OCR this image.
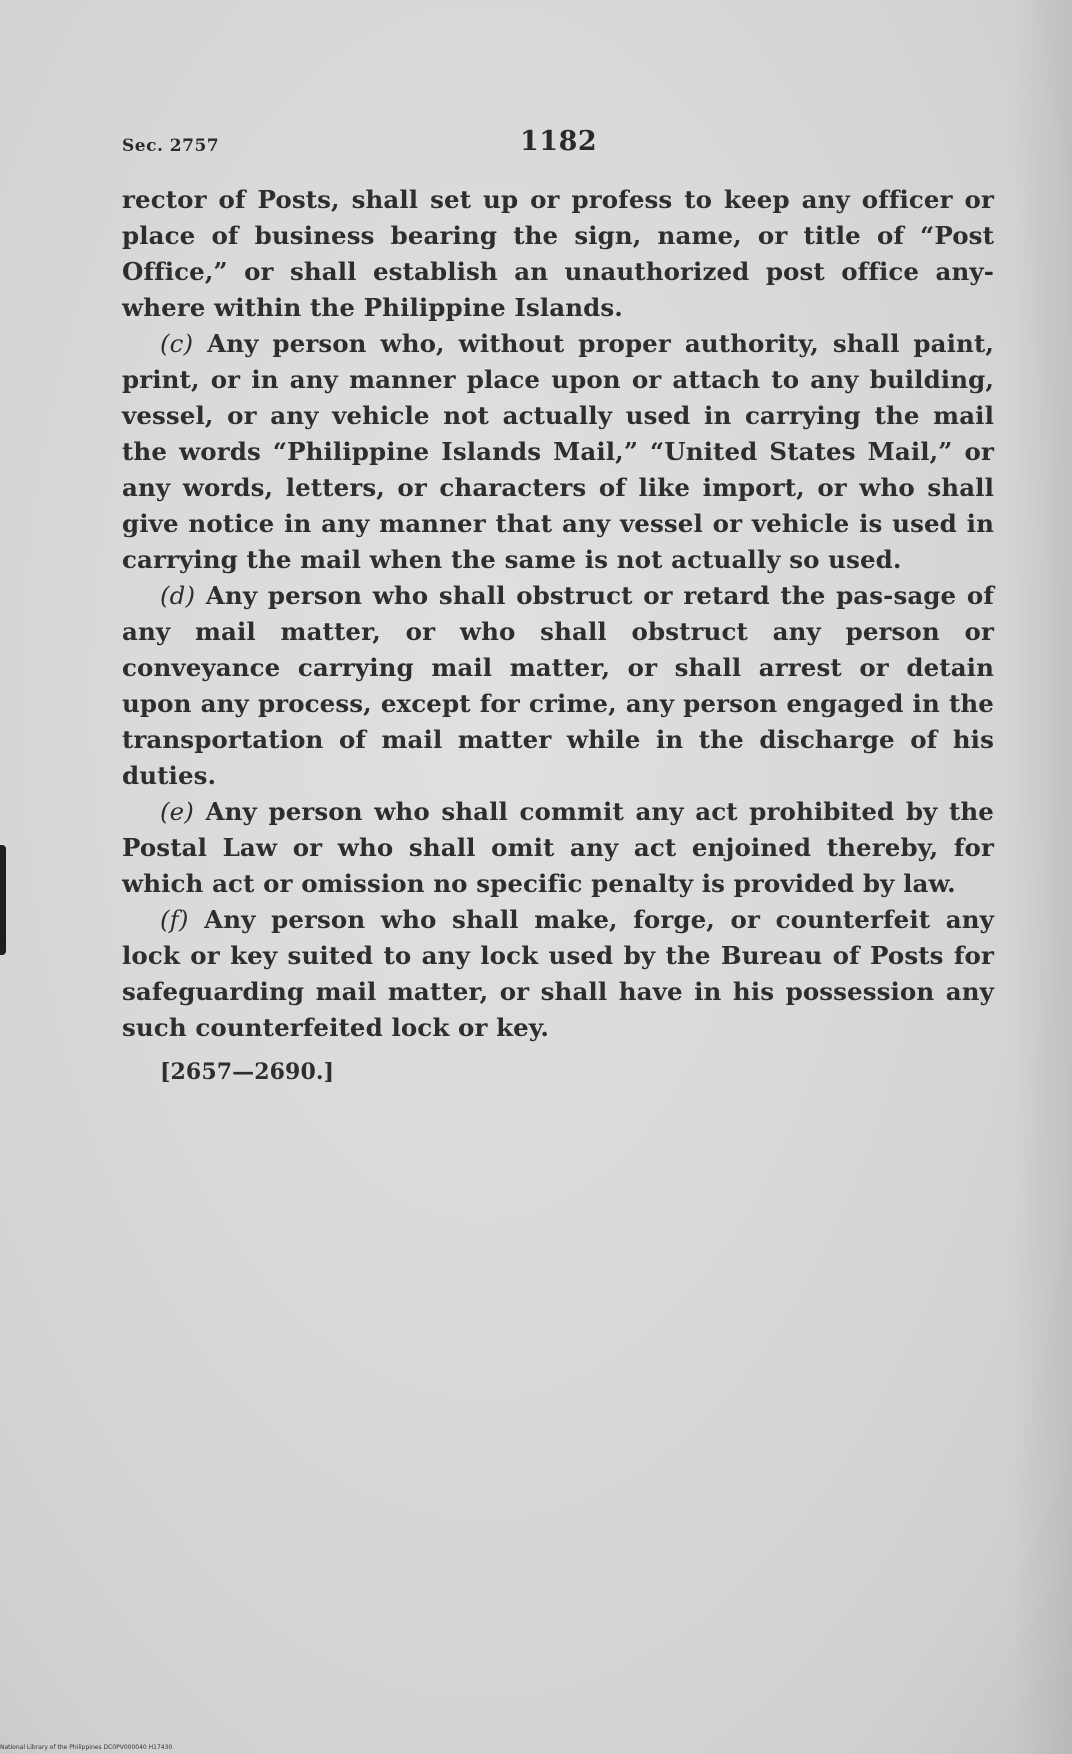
Sec. 2757	1182

rector of Posts, shall set up or profess to keep any officer or place of business bearing the sign, name, or title of “Post Office,” or shall establish an unauthorized post office any-where within the Philippine Islands.

(c) Any person who, without proper authority, shall paint, print, or in any manner place upon or attach to any building, vessel, or any vehicle not actually used in carrying the mail the words “Philippine Islands Mail,” “United States Mail,” or any words, letters, or characters of like import, or who shall give notice in any manner that any vessel or vehicle is used in carrying the mail when the same is not actually so used.

(d) Any person who shall obstruct or retard the pas-sage of any mail matter, or who shall obstruct any person or conveyance carrying mail matter, or shall arrest or detain upon any process, except for crime, any person engaged in the transportation of mail matter while in the discharge of his duties.

(e) Any person who shall commit any act prohibited by the Postal Law or who shall omit any act enjoined thereby, for which act or omission no specific penalty is provided by law.

(f) Any person who shall make, forge, or counterfeit any lock or key suited to any lock used by the Bureau of Posts for safeguarding mail matter, or shall have in his possession any such counterfeited lock or key.

[2657—2690.]

National Library of the Philippines DC0PV000040 H17430
